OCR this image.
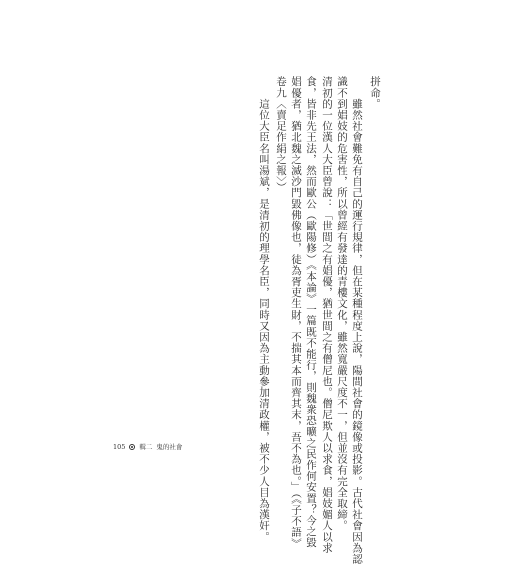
拼命。
　　雖然社會難免有自己的運行規律，但在某種程度上說，陽間社會的鏡像或投影。古代社會因為認
識不到娼妓的危害性，所以曾經有發達的青樓文化，雖然寬嚴尺度不一，但並沒有完全取締。
清初的一位漢人大臣曾說：「世間之有娼優，猶世間之有僧尼也。僧尼欺人以求食，娼妓媚人以求
食，皆非先王法，然而歐公（歐陽修）《本論》一篇既不能行，則魏衆恐曠之民作何安置？今之毀
娼優者，猶北魏之滅沙門毀佛像也，徒為胥吏生財，不揣其本而齊其末，吾不為也。」（《子不語》
卷九〈賣足作絹之報〉）
　　這位大臣名叫湯斌，是清初的理學名臣，同時又因為主動參加清政權，被不少人目為漢奸。
105 輯二 鬼的社會
